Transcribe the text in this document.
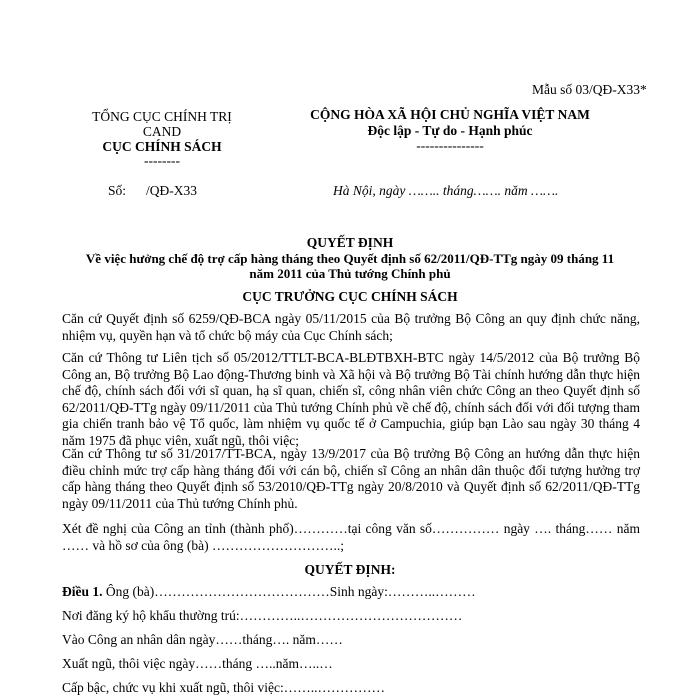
Mẫu số 03/QĐ-X33*
TỔNG CỤC CHÍNH TRỊ
CAND
CỤC CHÍNH SÁCH
--------
CỘNG HÒA XÃ HỘI CHỦ NGHĨA VIỆT NAM
Độc lập - Tự do - Hạnh phúc
---------------
Số: /QĐ-X33	Hà Nội, ngày …….. tháng……. năm …….
QUYẾT ĐỊNH
Về việc hưởng chế độ trợ cấp hàng tháng theo Quyết định số 62/2011/QĐ-TTg ngày 09 tháng 11
năm 2011 của Thủ tướng Chính phủ
CỤC TRƯỞNG CỤC CHÍNH SÁCH
Căn cứ Quyết định số 6259/QĐ-BCA ngày 05/11/2015 của Bộ trưởng Bộ Công an quy định chức năng, nhiệm vụ, quyền hạn và tổ chức bộ máy của Cục Chính sách;
Căn cứ Thông tư Liên tịch số 05/2012/TTLT-BCA-BLĐTBXH-BTC ngày 14/5/2012 của Bộ trưởng Bộ Công an, Bộ trưởng Bộ Lao động-Thương binh và Xã hội và Bộ trưởng Bộ Tài chính hướng dẫn thực hiện chế độ, chính sách đối với sĩ quan, hạ sĩ quan, chiến sĩ, công nhân viên chức Công an theo Quyết định số 62/2011/QĐ-TTg ngày 09/11/2011 của Thủ tướng Chính phủ về chế độ, chính sách đối với đối tượng tham gia chiến tranh bảo vệ Tổ quốc, làm nhiệm vụ quốc tế ở Campuchia, giúp bạn Lào sau ngày 30 tháng 4 năm 1975 đã phục viên, xuất ngũ, thôi việc;
Căn cứ Thông tư số 31/2017/TT-BCA, ngày 13/9/2017 của Bộ trưởng Bộ Công an hướng dẫn thực hiện điều chỉnh mức trợ cấp hàng tháng đối với cán bộ, chiến sĩ Công an nhân dân thuộc đối tượng hưởng trợ cấp hàng tháng theo Quyết định số 53/2010/QĐ-TTg ngày 20/8/2010 và Quyết định số 62/2011/QĐ-TTg ngày 09/11/2011 của Thủ tướng Chính phủ.
Xét đề nghị của Công an tỉnh (thành phố)…………tại công văn số…………… ngày …. tháng…… năm …… và hồ sơ của ông (bà) ………………………..;
QUYẾT ĐỊNH:
Điều 1. Ông (bà)…………………………………Sinh ngày:………..………
Nơi đăng ký hộ khẩu thường trú:…………..………………………………
Vào Công an nhân dân ngày……tháng…. năm……
Xuất ngũ, thôi việc ngày……tháng …..năm…..…
Cấp bậc, chức vụ khi xuất ngũ, thôi việc:……..……………
